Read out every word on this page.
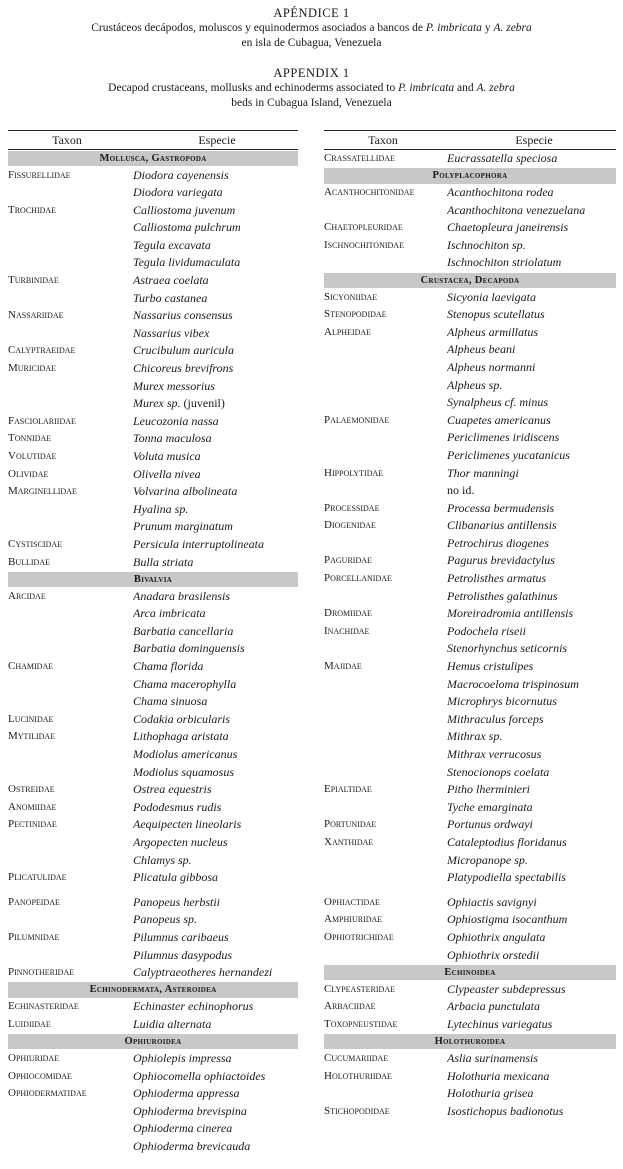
APÉNDICE 1
Crustáceos decápodos, moluscos y equinodermos asociados a bancos de P. imbricata y A. zebra
en isla de Cubagua, Venezuela
APPENDIX 1
Decapod crustaceans, mollusks and echinoderms associated to P. imbricata and A. zebra
beds in Cubagua Island, Venezuela
Taxon	Especie
Mollusca, Gastropoda
Fissurellidae	Diodora cayenensis
Diodora variegata
Trochidae	Calliostoma juvenum
Calliostoma pulchrum
Tegula excavata
Tegula lividumaculata
Turbinidae	Astraea coelata
Turbo castanea
Nassariidae	Nassarius consensus
Nassarius vibex
Calyptraeidae	Crucibulum auricula
Muricidae	Chicoreus brevifrons
Murex messorius
Murex sp. (juvenil)
Fasciolariidae	Leucozonia nassa
Tonnidae	Tonna maculosa
Volutidae	Voluta musica
Olividae	Olivella nivea
Marginellidae	Volvarina albolineata
Hyalina sp.
Prunum marginatum
Cystiscidae	Persicula interruptolineata
Bullidae	Bulla striata
Bivalvia
Arcidae	Anadara brasilensis
Arca imbricata
Barbatia cancellaria
Barbatia dominguensis
Chamidae	Chama florida
Chama macerophylla
Chama sinuosa
Lucinidae	Codakia orbicularis
Mytilidae	Lithophaga aristata
Modiolus americanus
Modiolus squamosus
Ostreidae	Ostrea equestris
Anomiidae	Pododesmus rudis
Pectinidae	Aequipecten lineolaris
Argopecten nucleus
Chlamys sp.
Plicatulidae	Plicatula gibbosa
Panopeidae	Panopeus herbstii
Panopeus sp.
Pilumnidae	Pilumnus caribaeus
Pilumnus dasypodus
Pinnotheridae	Calyptraeotheres hernandezi
Echinodermata, Asteroidea
Echinasteridae	Echinaster echinophorus
Luidiidae	Luidia alternata
Ophiuroidea
Ophiuridae	Ophiolepis impressa
Ophiocomidae	Ophiocomella ophiactoides
Ophiodermatidae	Ophioderma appressa
Ophioderma brevispina
Ophioderma cinerea
Ophioderma brevicauda
Taxon	Especie
Crassatellidae	Eucrassatella speciosa
Polyplacophora
Acanthochitonidae	Acanthochitona rodea
Acanthochitona venezuelana
Chaetopleuridae	Chaetopleura janeirensis
Ischnochitonidae	Ischnochiton sp.
Ischnochiton striolatum
Crustacea, Decapoda
Sicyoniidae	Sicyonia laevigata
Stenopodidae	Stenopus scutellatus
Alpheidae	Alpheus armillatus
Alpheus beani
Alpheus normanni
Alpheus sp.
Synalpheus cf. minus
Palaemonidae	Cuapetes americanus
Periclimenes iridiscens
Periclimenes yucatanicus
Hippolytidae	Thor manningi
no id.
Processidae	Processa bermudensis
Diogenidae	Clibanarius antillensis
Petrochirus diogenes
Paguridae	Pagurus brevidactylus
Porcellanidae	Petrolisthes armatus
Petrolisthes galathinus
Dromiidae	Moreiradromia antillensis
Inachidae	Podochela riseii
Stenorhynchus seticornis
Majidae	Hemus cristulipes
Macrocoeloma trispinosum
Microphrys bicornutus
Mithraculus forceps
Mithrax sp.
Mithrax verrucosus
Stenocionops coelata
Epialtidae	Pitho lherminieri
Tyche emarginata
Portunidae	Portunus ordwayi
Xanthidae	Cataleptodius floridanus
Micropanope sp.
Platypodiella spectabilis
Ophiactidae	Ophiactis savignyi
Amphiuridae	Ophiostigma isocanthum
Ophiotrichidae	Ophiothrix angulata
Ophiothrix orstedii
Echinoidea
Clypeasteridae	Clypeaster subdepressus
Arbaciidae	Arbacia punctulata
Toxopneustidae	Lytechinus variegatus
Holothuroidea
Cucumariidae	Aslia surinamensis
Holothuriidae	Holothuria mexicana
Holothuria grisea
Stichopodidae	Isostichopus badionotus
